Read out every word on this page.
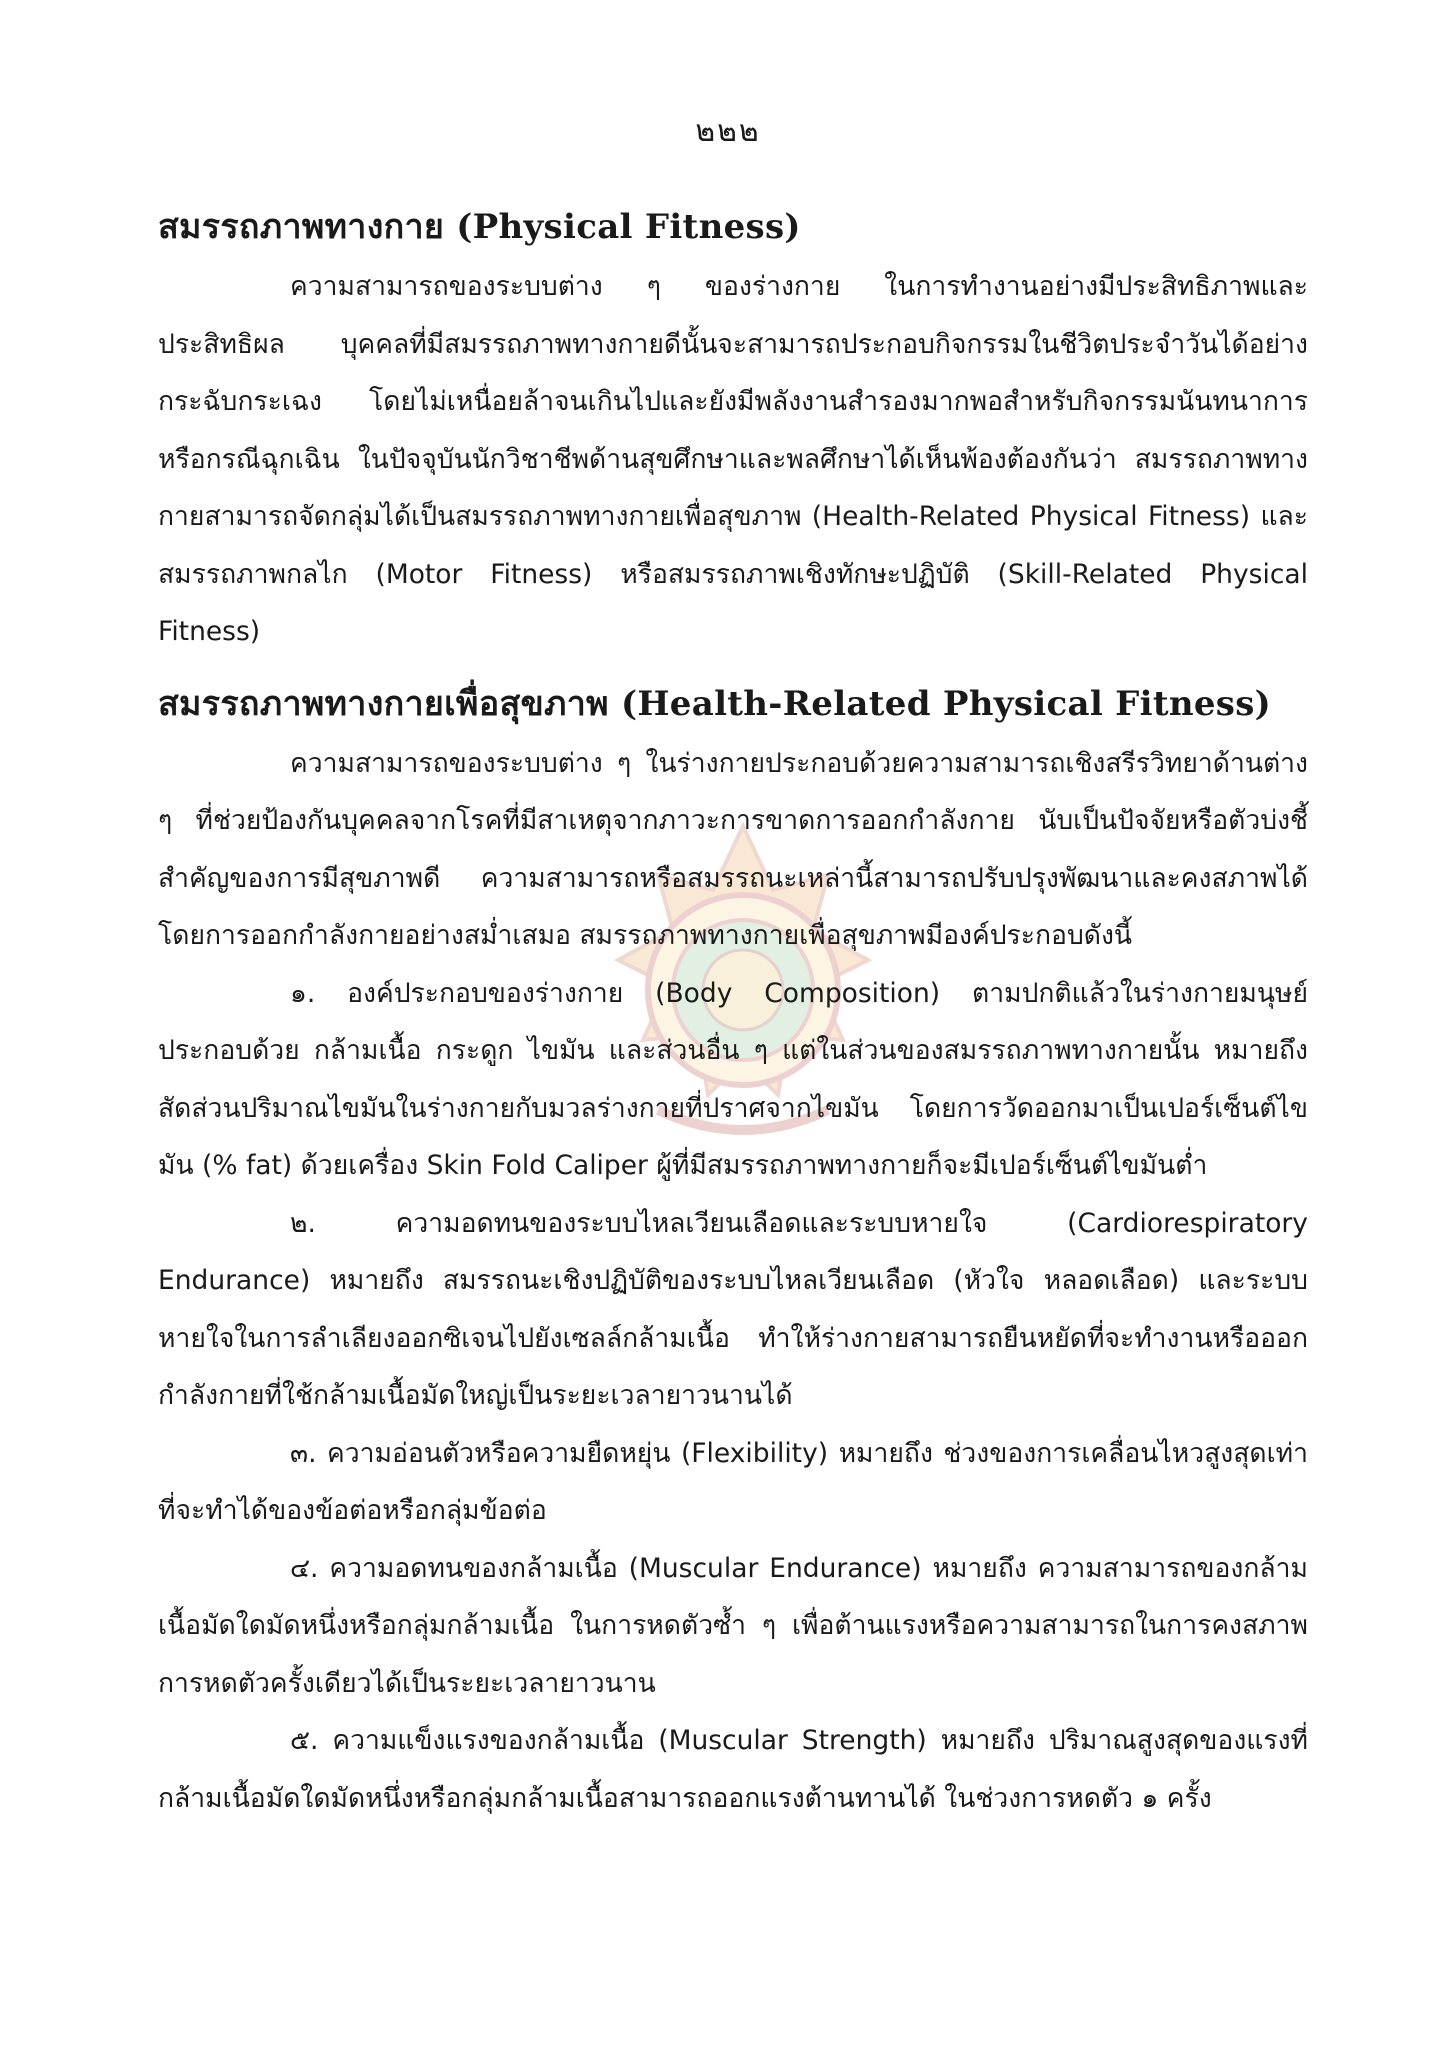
๒๒๒
สมรรถภาพทางกาย (Physical Fitness)

ความสามารถของระบบต่าง ๆ ของร่างกาย ในการทำงานอย่างมีประสิทธิภาพและประสิทธิผล บุคคลที่มีสมรรถภาพทางกายดีนั้นจะสามารถประกอบกิจกรรมในชีวิตประจำวันได้อย่างกระฉับกระเฉง โดยไม่เหนื่อยล้าจนเกินไปและยังมีพลังงานสำรองมากพอสำหรับกิจกรรมนันทนาการหรือกรณีฉุกเฉิน ในปัจจุบันนักวิชาชีพด้านสุขศึกษาและพลศึกษาได้เห็นพ้องต้องกันว่า สมรรถภาพทางกายสามารถจัดกลุ่มได้เป็นสมรรถภาพทางกายเพื่อสุขภาพ (Health-Related Physical Fitness) และสมรรถภาพกลไก (Motor Fitness) หรือสมรรถภาพเชิงทักษะปฏิบัติ (Skill-Related Physical Fitness)

สมรรถภาพทางกายเพื่อสุขภาพ (Health-Related Physical Fitness)

ความสามารถของระบบต่าง ๆ ในร่างกายประกอบด้วยความสามารถเชิงสรีรวิทยาด้านต่าง ๆ ที่ช่วยป้องกันบุคคลจากโรคที่มีสาเหตุจากภาวะการขาดการออกกำลังกาย นับเป็นปัจจัยหรือตัวบ่งชี้สำคัญของการมีสุขภาพดี ความสามารถหรือสมรรถนะเหล่านี้สามารถปรับปรุงพัฒนาและคงสภาพได้ โดยการออกกำลังกายอย่างสม่ำเสมอ สมรรถภาพทางกายเพื่อสุขภาพมีองค์ประกอบดังนี้

๑. องค์ประกอบของร่างกาย (Body Composition) ตามปกติแล้วในร่างกายมนุษย์ประกอบด้วย กล้ามเนื้อ กระดูก ไขมัน และส่วนอื่น ๆ แต่ในส่วนของสมรรถภาพทางกายนั้น หมายถึง สัดส่วนปริมาณไขมันในร่างกายกับมวลร่างกายที่ปราศจากไขมัน โดยการวัดออกมาเป็นเปอร์เซ็นต์ไขมัน (% fat) ด้วยเครื่อง Skin Fold Caliper ผู้ที่มีสมรรถภาพทางกายก็จะมีเปอร์เซ็นต์ไขมันต่ำ

๒. ความอดทนของระบบไหลเวียนเลือดและระบบหายใจ (Cardiorespiratory Endurance) หมายถึง สมรรถนะเชิงปฏิบัติของระบบไหลเวียนเลือด (หัวใจ หลอดเลือด) และระบบหายใจในการลำเลียงออกซิเจนไปยังเซลล์กล้ามเนื้อ ทำให้ร่างกายสามารถยืนหยัดที่จะทำงานหรือออกกำลังกายที่ใช้กล้ามเนื้อมัดใหญ่เป็นระยะเวลายาวนานได้

๓. ความอ่อนตัวหรือความยืดหยุ่น (Flexibility) หมายถึง ช่วงของการเคลื่อนไหวสูงสุดเท่าที่จะทำได้ของข้อต่อหรือกลุ่มข้อต่อ

๔. ความอดทนของกล้ามเนื้อ (Muscular Endurance) หมายถึง ความสามารถของกล้ามเนื้อมัดใดมัดหนึ่งหรือกลุ่มกล้ามเนื้อ ในการหดตัวซ้ำ ๆ เพื่อต้านแรงหรือความสามารถในการคงสภาพการหดตัวครั้งเดียวได้เป็นระยะเวลายาวนาน

๕. ความแข็งแรงของกล้ามเนื้อ (Muscular Strength) หมายถึง ปริมาณสูงสุดของแรงที่กล้ามเนื้อมัดใดมัดหนึ่งหรือกลุ่มกล้ามเนื้อสามารถออกแรงต้านทานได้ ในช่วงการหดตัว ๑ ครั้ง
